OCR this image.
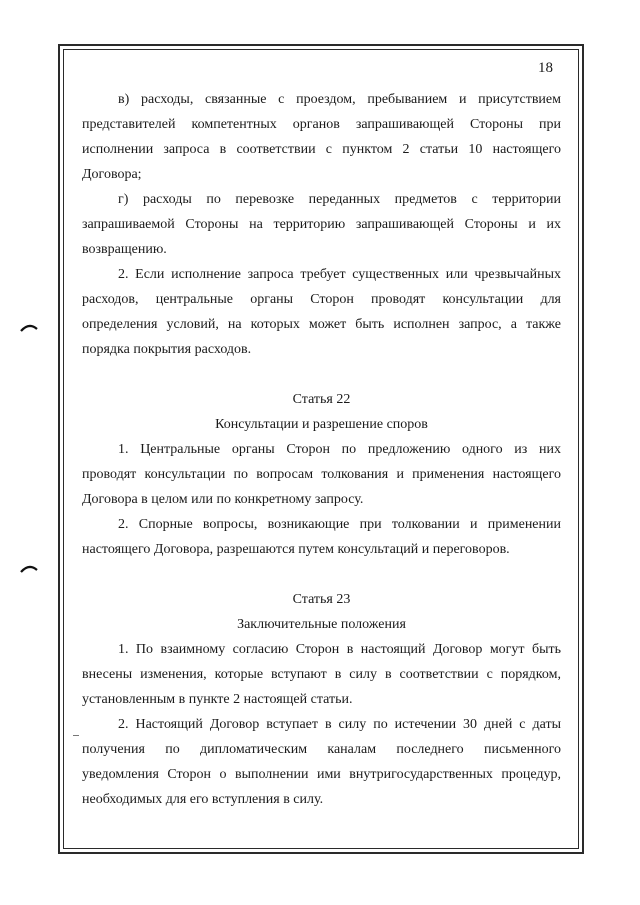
18
в) расходы, связанные с проездом, пребыванием и присутствием
представителей компетентных органов запрашивающей Стороны при
исполнении запроса в соответствии с пунктом 2 статьи 10 настоящего
Договора;
г) расходы по перевозке переданных предметов с территории
запрашиваемой Стороны на территорию запрашивающей Стороны и их
возвращению.
2. Если исполнение запроса требует существенных или чрезвычайных
расходов, центральные органы Сторон проводят консультации для
определения условий, на которых может быть исполнен запрос, а также
порядка покрытия расходов.
Статья 22
Консультации и разрешение споров
1. Центральные органы Сторон по предложению одного из них
проводят консультации по вопросам толкования и применения настоящего
Договора в целом или по конкретному запросу.
2. Спорные вопросы, возникающие при толковании и применении
настоящего Договора, разрешаются путем консультаций и переговоров.
Статья 23
Заключительные положения
1. По взаимному согласию Сторон в настоящий Договор могут быть
внесены изменения, которые вступают в силу в соответствии с порядком,
установленным в пункте 2 настоящей статьи.
2. Настоящий Договор вступает в силу по истечении 30 дней с даты
получения по дипломатическим каналам последнего письменного
уведомления Сторон о выполнении ими внутригосударственных процедур,
необходимых для его вступления в силу.
